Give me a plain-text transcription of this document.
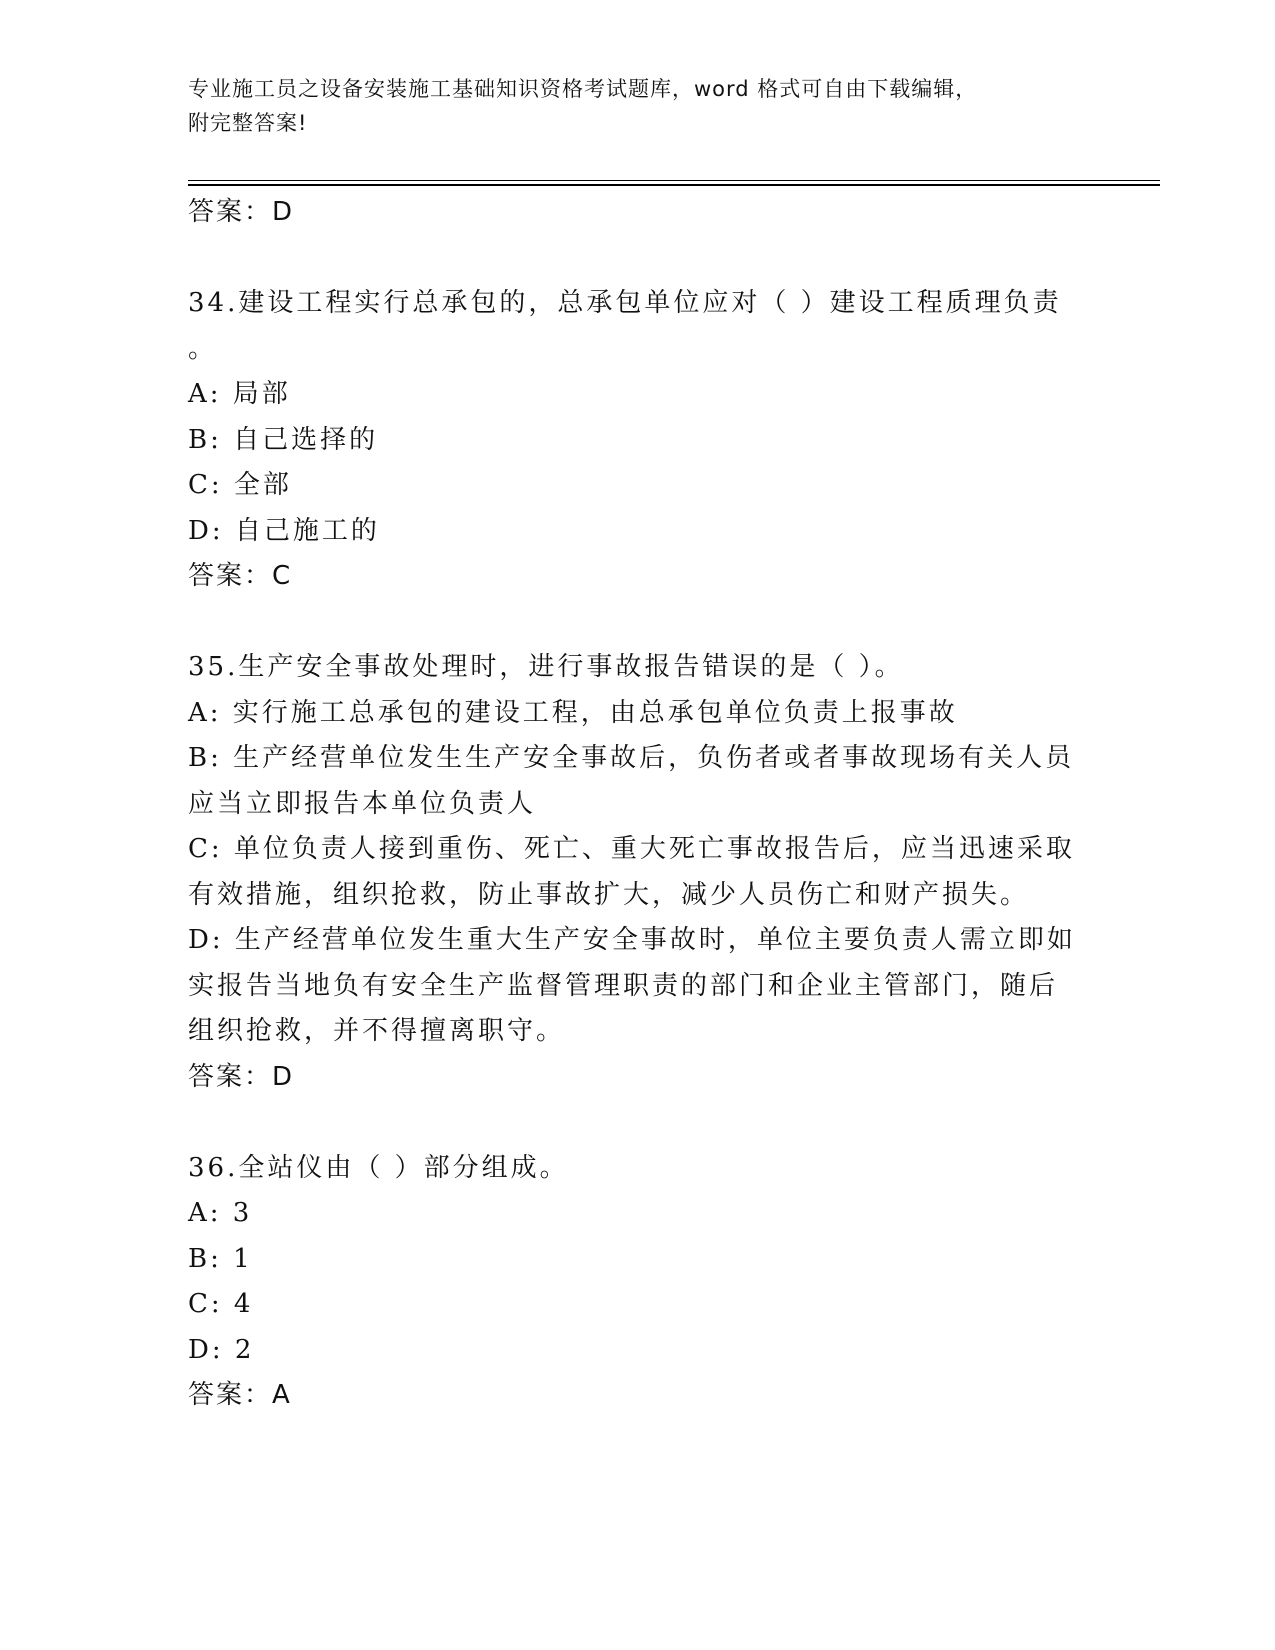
专业施工员之设备安装施工基础知识资格考试题库，word 格式可自由下载编辑，
附完整答案!

答案：D

34.建设工程实行总承包的，总承包单位应对（ ）建设工程质理负责

。

A: 局部

B: 自己选择的

C: 全部

D: 自己施工的

答案：C

35.生产安全事故处理时，进行事故报告错误的是（ ）。

A: 实行施工总承包的建设工程，由总承包单位负责上报事故

B: 生产经营单位发生生产安全事故后，负伤者或者事故现场有关人员

应当立即报告本单位负责人

C: 单位负责人接到重伤、死亡、重大死亡事故报告后，应当迅速采取

有效措施，组织抢救，防止事故扩大，减少人员伤亡和财产损失。

D: 生产经营单位发生重大生产安全事故时，单位主要负责人需立即如

实报告当地负有安全生产监督管理职责的部门和企业主管部门，随后

组织抢救，并不得擅离职守。

答案：D

36.全站仪由（ ）部分组成。

A: 3

B: 1

C: 4

D: 2

答案：A
